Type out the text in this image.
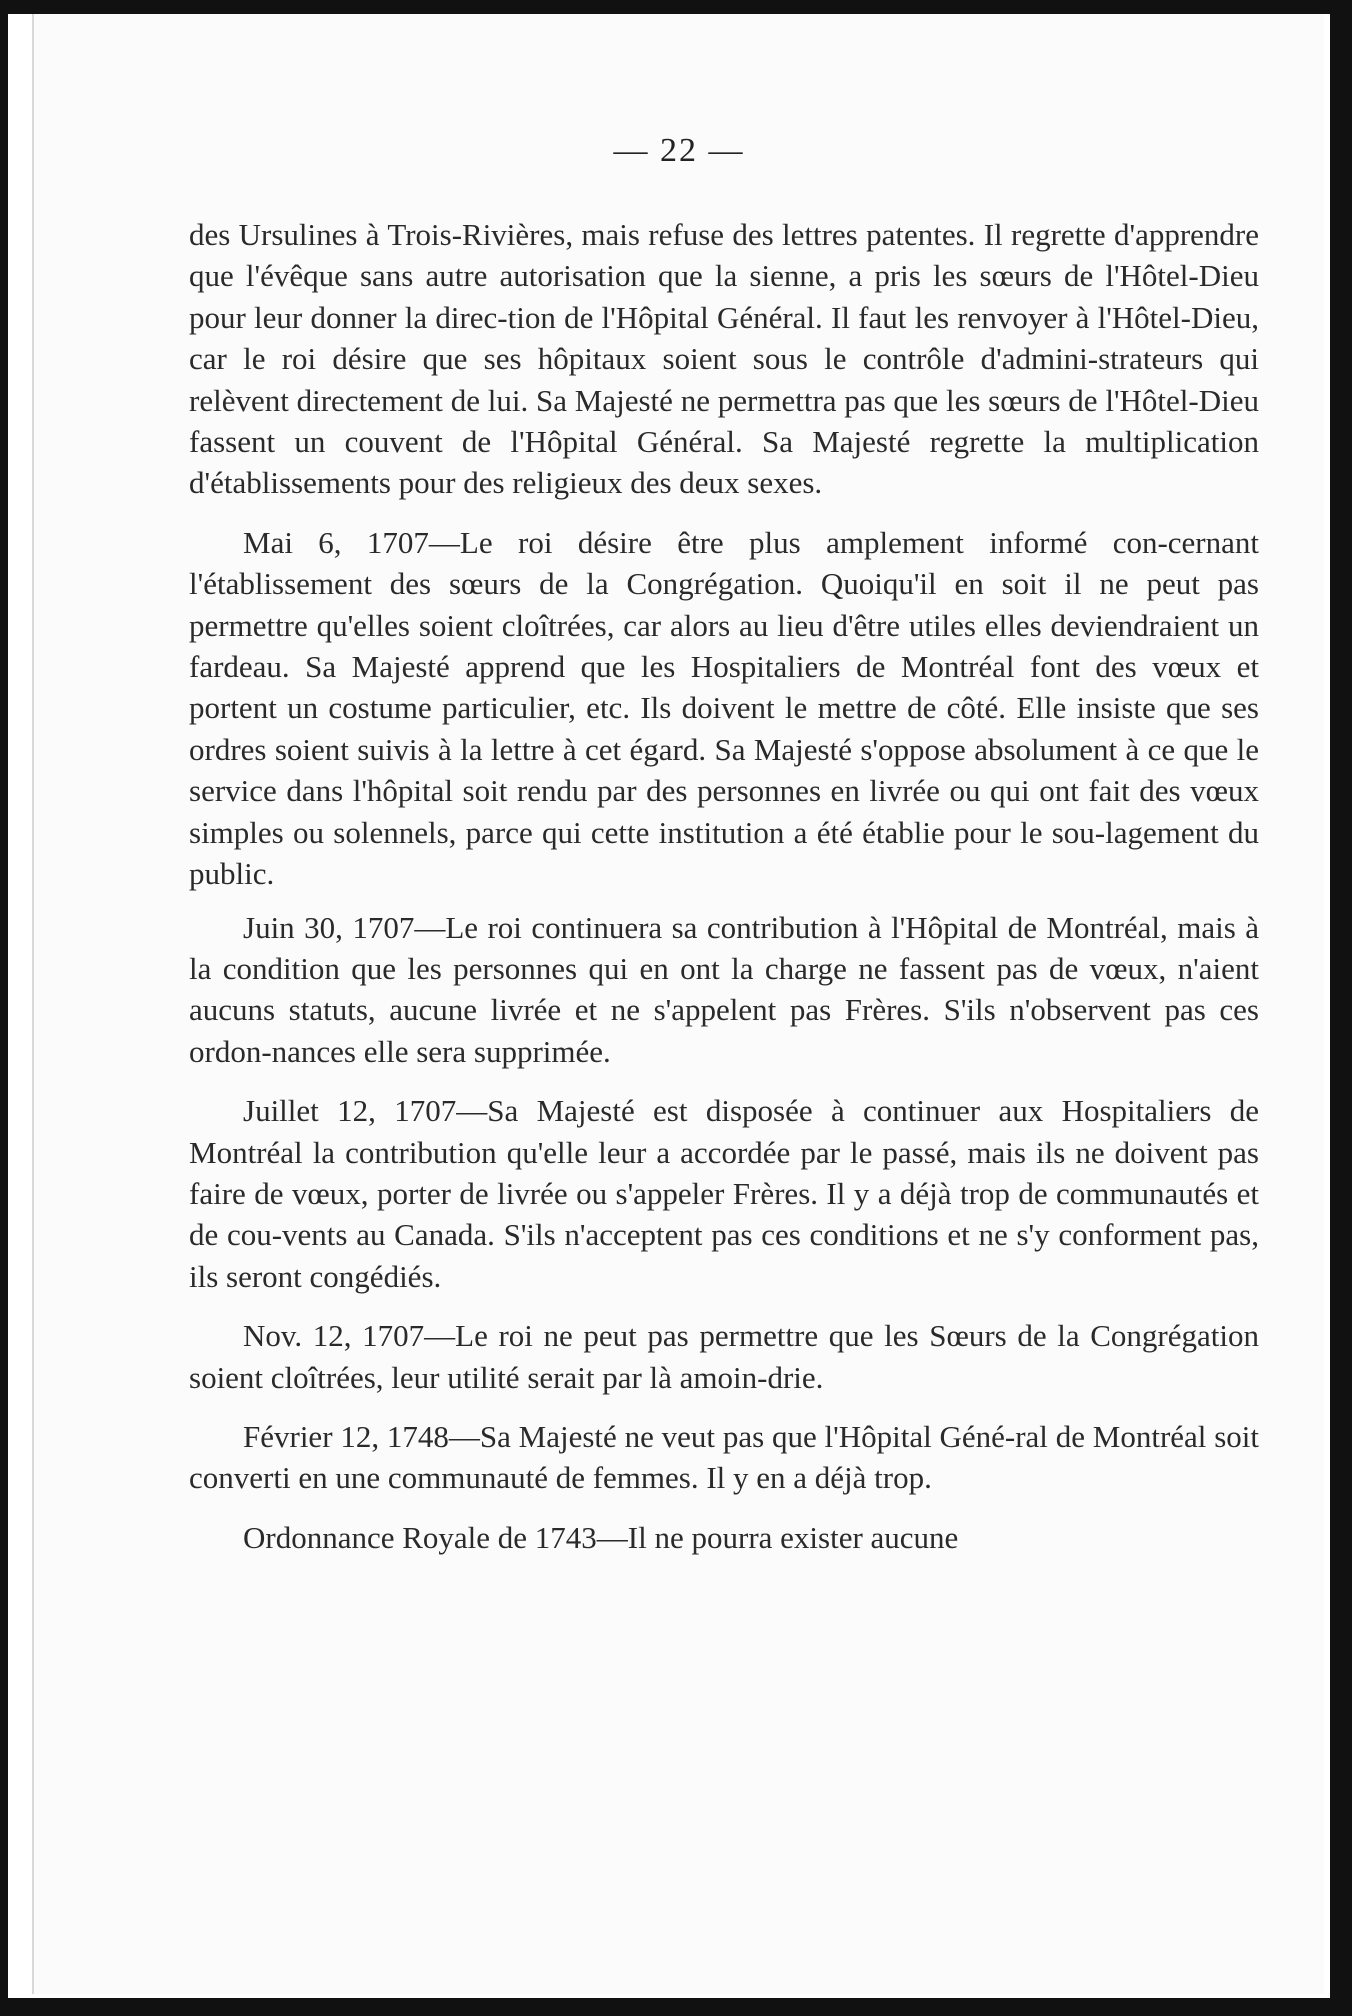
— 22 —

des Ursulines à Trois-Rivières, mais refuse des lettres patentes. Il regrette d'apprendre que l'évêque sans autre autorisation que la sienne, a pris les sœurs de l'Hôtel-Dieu pour leur donner la direc-tion de l'Hôpital Général. Il faut les renvoyer à l'Hôtel-Dieu, car le roi désire que ses hôpitaux soient sous le contrôle d'admini-strateurs qui relèvent directement de lui. Sa Majesté ne permettra pas que les sœurs de l'Hôtel-Dieu fassent un couvent de l'Hôpital Général. Sa Majesté regrette la multiplication d'établissements pour des religieux des deux sexes.

Mai 6, 1707—Le roi désire être plus amplement informé con-cernant l'établissement des sœurs de la Congrégation. Quoiqu'il en soit il ne peut pas permettre qu'elles soient cloîtrées, car alors au lieu d'être utiles elles deviendraient un fardeau. Sa Majesté apprend que les Hospitaliers de Montréal font des vœux et portent un costume particulier, etc. Ils doivent le mettre de côté. Elle insiste que ses ordres soient suivis à la lettre à cet égard. Sa Majesté s'oppose absolument à ce que le service dans l'hôpital soit rendu par des personnes en livrée ou qui ont fait des vœux simples ou solennels, parce qui cette institution a été établie pour le sou-lagement du public.

Juin 30, 1707—Le roi continuera sa contribution à l'Hôpital de Montréal, mais à la condition que les personnes qui en ont la charge ne fassent pas de vœux, n'aient aucuns statuts, aucune livrée et ne s'appelent pas Frères. S'ils n'observent pas ces ordon-nances elle sera supprimée.

Juillet 12, 1707—Sa Majesté est disposée à continuer aux Hospitaliers de Montréal la contribution qu'elle leur a accordée par le passé, mais ils ne doivent pas faire de vœux, porter de livrée ou s'appeler Frères. Il y a déjà trop de communautés et de cou-vents au Canada. S'ils n'acceptent pas ces conditions et ne s'y conforment pas, ils seront congédiés.

Nov. 12, 1707—Le roi ne peut pas permettre que les Sœurs de la Congrégation soient cloîtrées, leur utilité serait par là amoin-drie.

Février 12, 1748—Sa Majesté ne veut pas que l'Hôpital Géné-ral de Montréal soit converti en une communauté de femmes. Il y en a déjà trop.

Ordonnance Royale de 1743—Il ne pourra exister aucune
